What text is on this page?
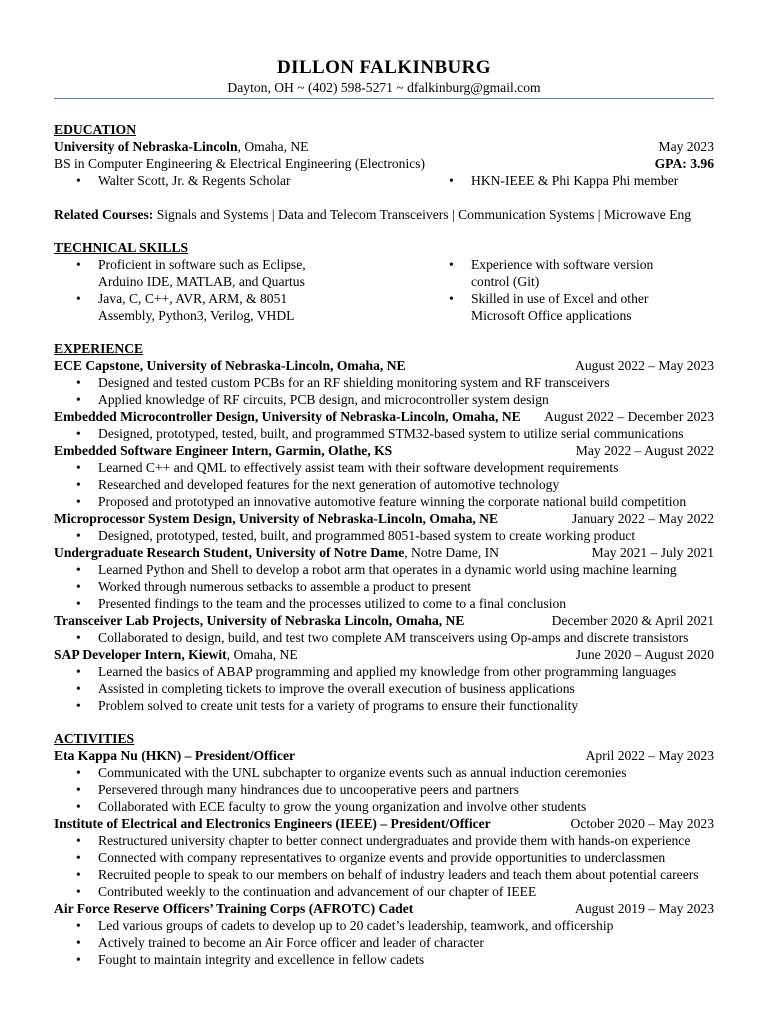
DILLON FALKINBURG
Dayton, OH ~ (402) 598-5271 ~ dfalkinburg@gmail.com
EDUCATION
University of Nebraska-Lincoln, Omaha, NE	May 2023
BS in Computer Engineering & Electrical Engineering (Electronics)	GPA: 3.96
• Walter Scott, Jr. & Regents Scholar
•	HKN-IEEE & Phi Kappa Phi member
Related Courses: Signals and Systems | Data and Telecom Transceivers | Communication Systems | Microwave Eng
TECHNICAL SKILLS
• Proficient in software such as Eclipse, Arduino IDE, MATLAB, and Quartus
• Java, C, C++, AVR, ARM, & 8051 Assembly, Python3, Verilog, VHDL
• Experience with software version control (Git)
• Skilled in use of Excel and other Microsoft Office applications
EXPERIENCE
ECE Capstone, University of Nebraska-Lincoln, Omaha, NE	August 2022 – May 2023
• Designed and tested custom PCBs for an RF shielding monitoring system and RF transceivers
• Applied knowledge of RF circuits, PCB design, and microcontroller system design
Embedded Microcontroller Design, University of Nebraska-Lincoln, Omaha, NE August 2022 – December 2023
• Designed, prototyped, tested, built, and programmed STM32-based system to utilize serial communications
Embedded Software Engineer Intern, Garmin, Olathe, KS	May 2022 – August 2022
• Learned C++ and QML to effectively assist team with their software development requirements
• Researched and developed features for the next generation of automotive technology
• Proposed and prototyped an innovative automotive feature winning the corporate national build competition
Microprocessor System Design, University of Nebraska-Lincoln, Omaha, NE	January 2022 – May 2022
• Designed, prototyped, tested, built, and programmed 8051-based system to create working product
Undergraduate Research Student, University of Notre Dame, Notre Dame, IN	May 2021 – July 2021
• Learned Python and Shell to develop a robot arm that operates in a dynamic world using machine learning
• Worked through numerous setbacks to assemble a product to present
• Presented findings to the team and the processes utilized to come to a final conclusion
Transceiver Lab Projects, University of Nebraska Lincoln, Omaha, NE	December 2020 & April 2021
• Collaborated to design, build, and test two complete AM transceivers using Op-amps and discrete transistors
SAP Developer Intern, Kiewit, Omaha, NE	June 2020 – August 2020
• Learned the basics of ABAP programming and applied my knowledge from other programming languages
• Assisted in completing tickets to improve the overall execution of business applications
• Problem solved to create unit tests for a variety of programs to ensure their functionality
ACTIVITIES
Eta Kappa Nu (HKN) – President/Officer	April 2022 – May 2023
• Communicated with the UNL subchapter to organize events such as annual induction ceremonies
• Persevered through many hindrances due to uncooperative peers and partners
• Collaborated with ECE faculty to grow the young organization and involve other students
Institute of Electrical and Electronics Engineers (IEEE) – President/Officer	October 2020 – May 2023
• Restructured university chapter to better connect undergraduates and provide them with hands-on experience
• Connected with company representatives to organize events and provide opportunities to underclassmen
• Recruited people to speak to our members on behalf of industry leaders and teach them about potential careers
• Contributed weekly to the continuation and advancement of our chapter of IEEE
Air Force Reserve Officers’ Training Corps (AFROTC) Cadet	August 2019 – May 2023
• Led various groups of cadets to develop up to 20 cadet’s leadership, teamwork, and officership
• Actively trained to become an Air Force officer and leader of character
• Fought to maintain integrity and excellence in fellow cadets
